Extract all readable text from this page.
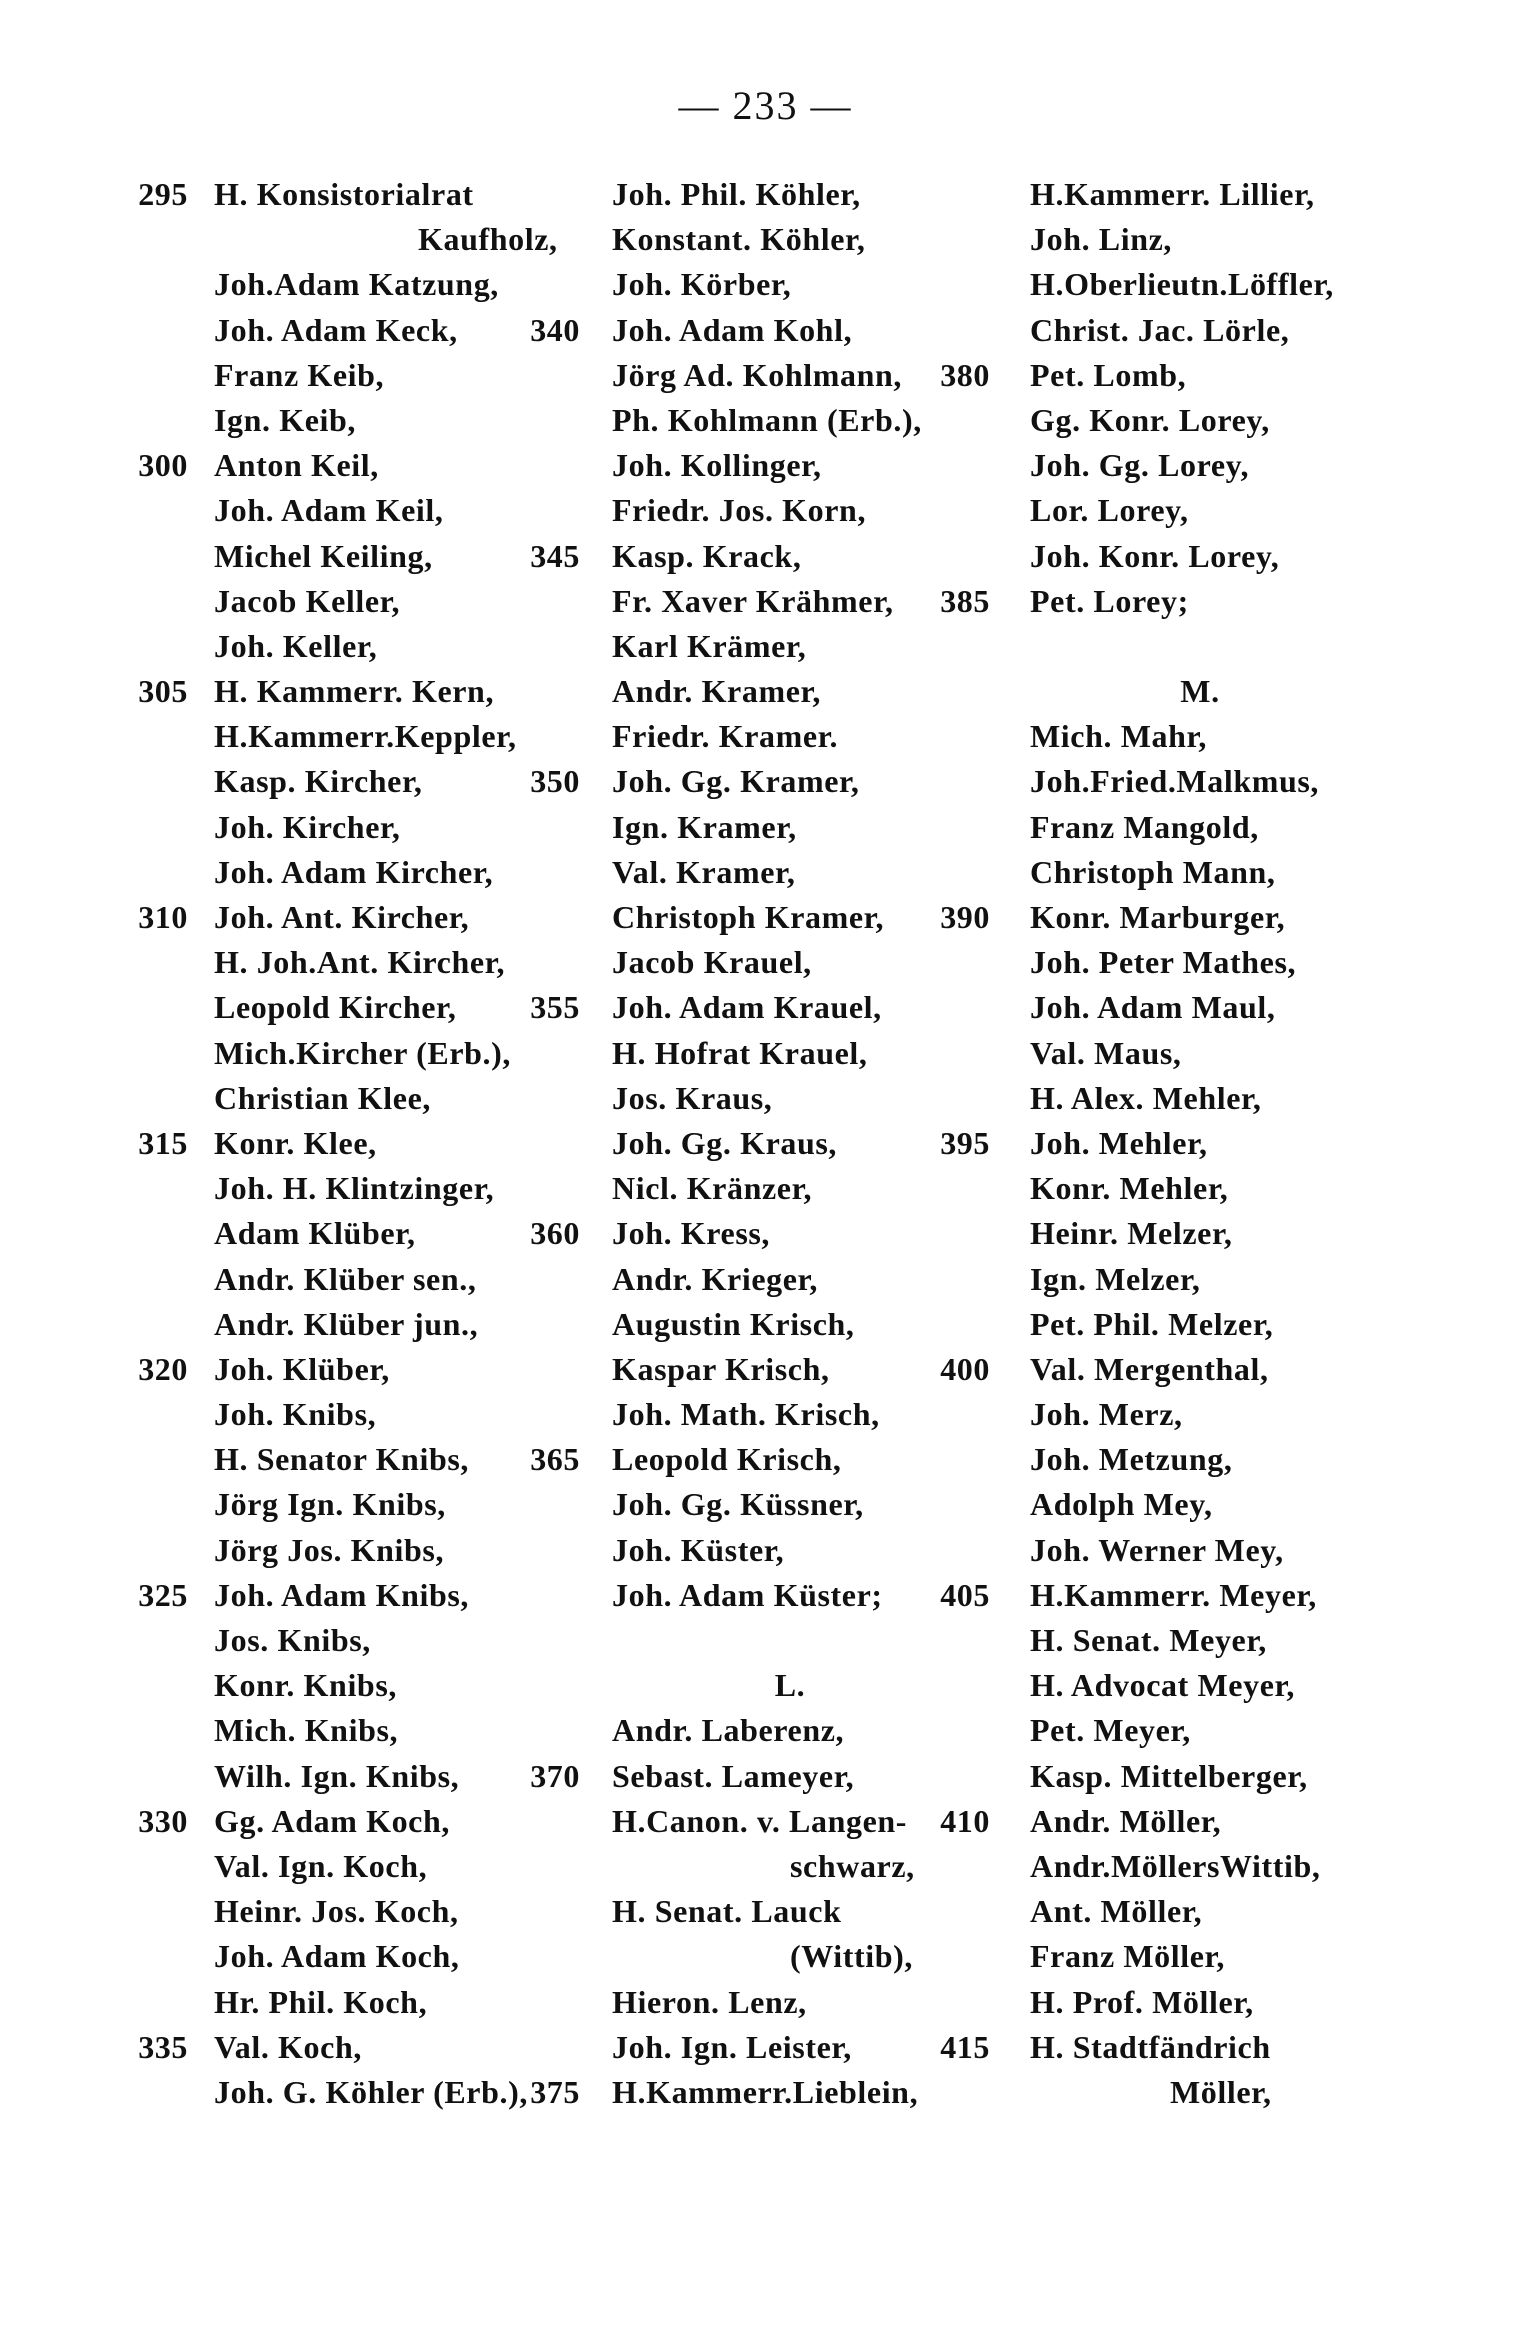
— 233 —
295 H. Konsistorialrat
Kaufholz,
Joh.Adam Katzung,
Joh. Adam Keck,
Franz Keib,
Ign. Keib,
300 Anton Keil,
Joh. Adam Keil,
Michel Keiling,
Jacob Keller,
Joh. Keller,
305 H. Kammerr. Kern,
H.Kammerr.Keppler,
Kasp. Kircher,
Joh. Kircher,
Joh. Adam Kircher,
310 Joh. Ant. Kircher,
H. Joh.Ant. Kircher,
Leopold Kircher,
Mich.Kircher (Erb.),
Christian Klee,
315 Konr. Klee,
Joh. H. Klintzinger,
Adam Klüber,
Andr. Klüber sen.,
Andr. Klüber jun.,
320 Joh. Klüber,
Joh. Knibs,
H. Senator Knibs,
Jörg Ign. Knibs,
Jörg Jos. Knibs,
325 Joh. Adam Knibs,
Jos. Knibs,
Konr. Knibs,
Mich. Knibs,
Wilh. Ign. Knibs,
330 Gg. Adam Koch,
Val. Ign. Koch,
Heinr. Jos. Koch,
Joh. Adam Koch,
Hr. Phil. Koch,
335 Val. Koch,
Joh. G. Köhler (Erb.),
Joh. Phil. Köhler,
Konstant. Köhler,
Joh. Körber,
340 Joh. Adam Kohl,
Jörg Ad. Kohlmann,
Ph. Kohlmann (Erb.),
Joh. Kollinger,
Friedr. Jos. Korn,
345 Kasp. Krack,
Fr. Xaver Krähmer,
Karl Krämer,
Andr. Kramer,
Friedr. Kramer.
350 Joh. Gg. Kramer,
Ign. Kramer,
Val. Kramer,
Christoph Kramer,
Jacob Krauel,
355 Joh. Adam Krauel,
H. Hofrat Krauel,
Jos. Kraus,
Joh. Gg. Kraus,
Nicl. Kränzer,
360 Joh. Kress,
Andr. Krieger,
Augustin Krisch,
Kaspar Krisch,
Joh. Math. Krisch,
365 Leopold Krisch,
Joh. Gg. Küssner,
Joh. Küster,
Joh. Adam Küster;
L.
Andr. Laberenz,
370 Sebast. Lameyer,
H.Canon. v. Langen-
schwarz,
H. Senat. Lauck
(Wittib),
Hieron. Lenz,
Joh. Ign. Leister,
375 H.Kammerr.Lieblein,
H.Kammerr. Lillier,
Joh. Linz,
H.Oberlieutn.Löffler,
Christ. Jac. Lörle,
380 Pet. Lomb,
Gg. Konr. Lorey,
Joh. Gg. Lorey,
Lor. Lorey,
Joh. Konr. Lorey,
385 Pet. Lorey;
M.
Mich. Mahr,
Joh.Fried.Malkmus,
Franz Mangold,
Christoph Mann,
390 Konr. Marburger,
Joh. Peter Mathes,
Joh. Adam Maul,
Val. Maus,
H. Alex. Mehler,
395 Joh. Mehler,
Konr. Mehler,
Heinr. Melzer,
Ign. Melzer,
Pet. Phil. Melzer,
400 Val. Mergenthal,
Joh. Merz,
Joh. Metzung,
Adolph Mey,
Joh. Werner Mey,
405 H.Kammerr. Meyer,
H. Senat. Meyer,
H. Advocat Meyer,
Pet. Meyer,
Kasp. Mittelberger,
410 Andr. Möller,
Andr.MöllersWittib,
Ant. Möller,
Franz Möller,
H. Prof. Möller,
415 H. Stadtfändrich
Möller,
